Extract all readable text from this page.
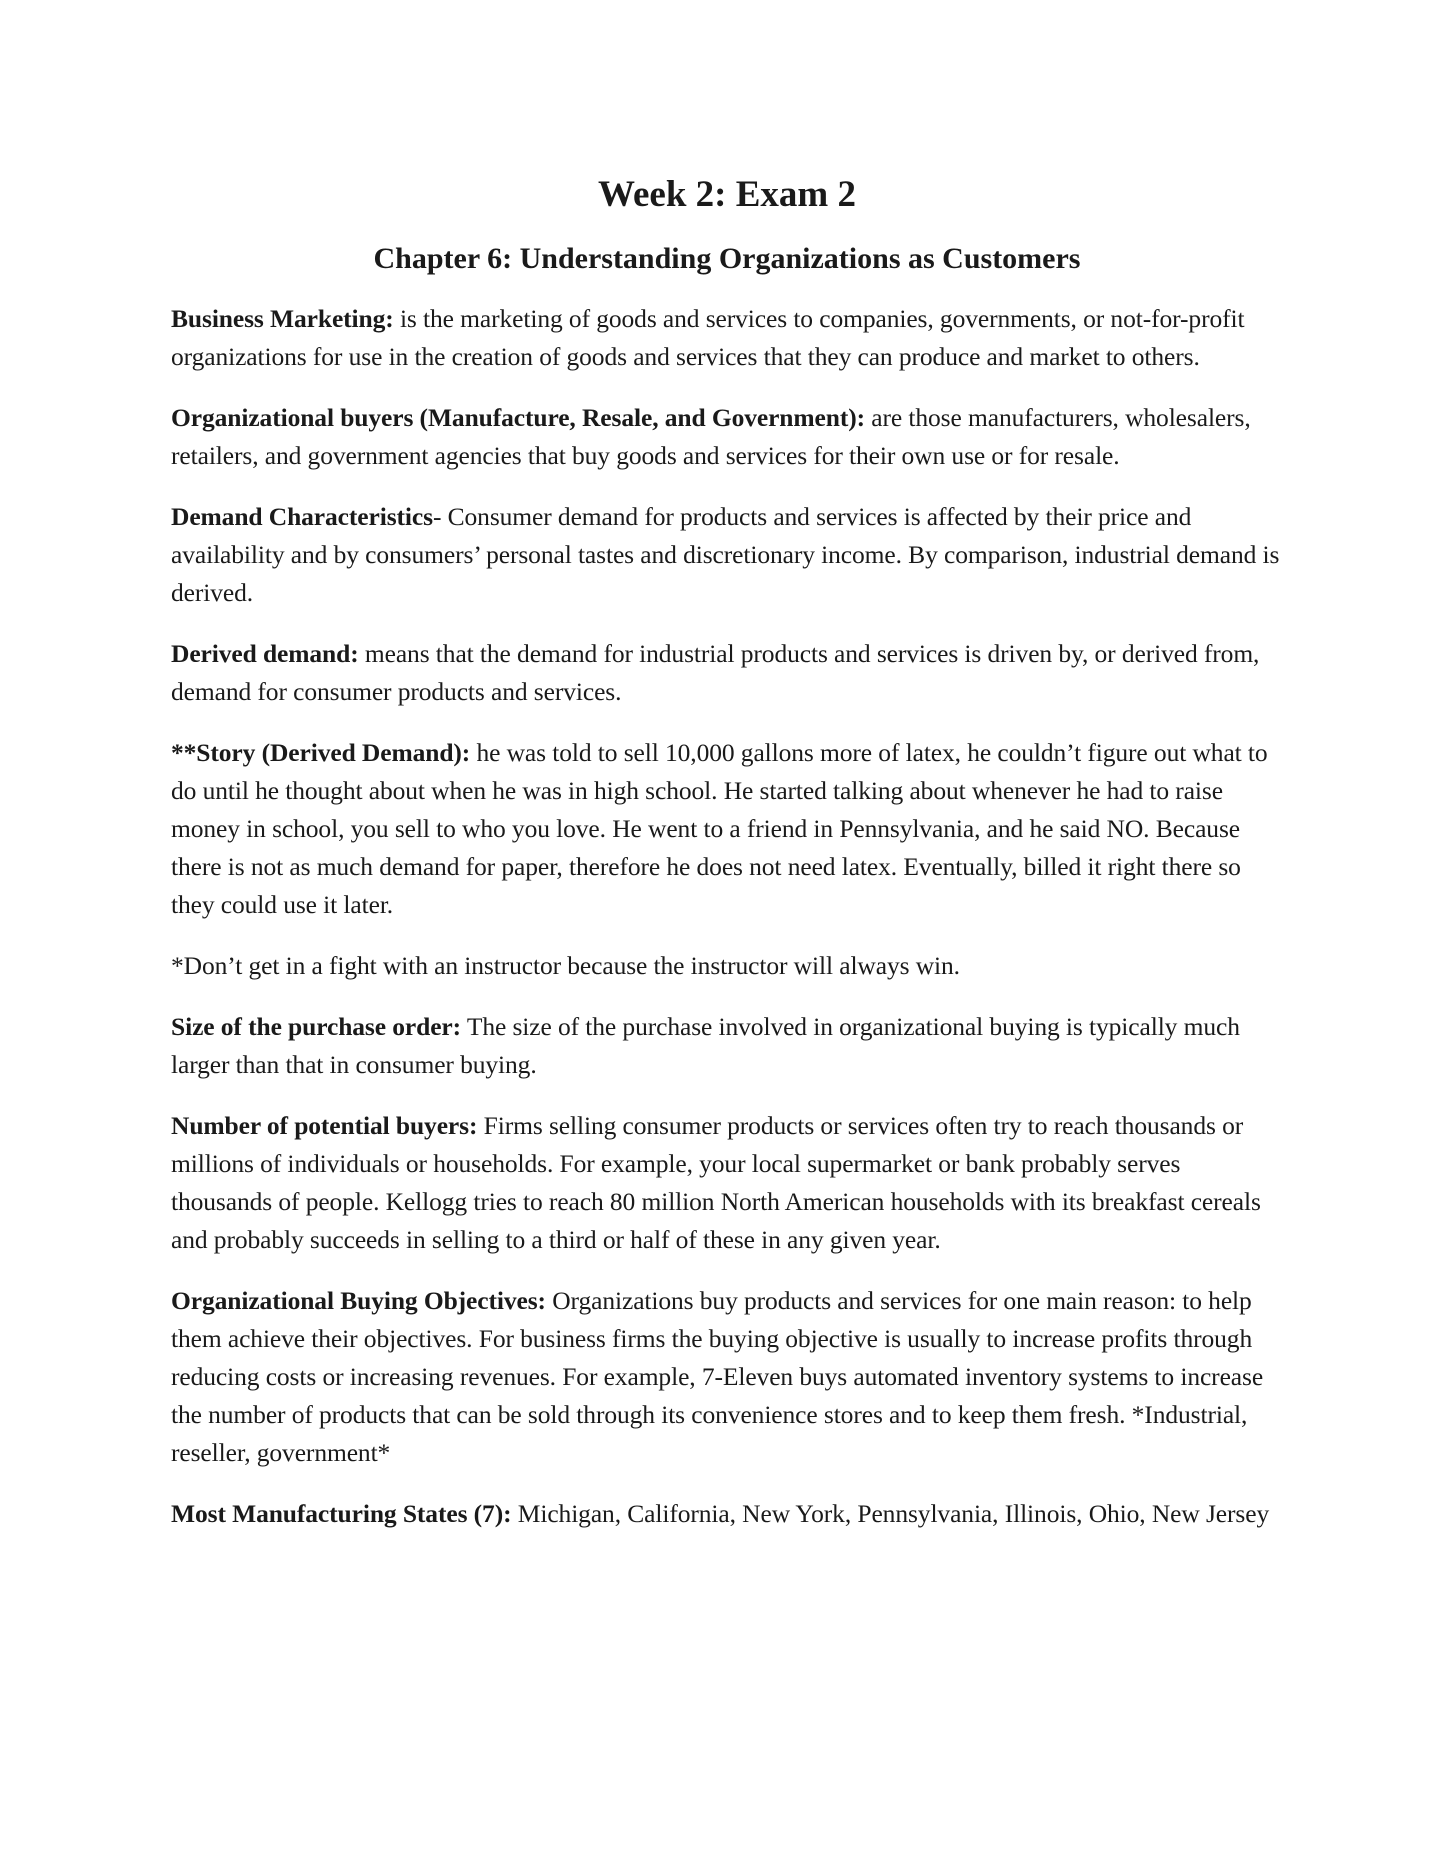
Week 2: Exam 2
Chapter 6: Understanding Organizations as Customers

Business Marketing: is the marketing of goods and services to companies, governments, or not-for-profit organizations for use in the creation of goods and services that they can produce and market to others.

Organizational buyers (Manufacture, Resale, and Government): are those manufacturers, wholesalers, retailers, and government agencies that buy goods and services for their own use or for resale.

Demand Characteristics- Consumer demand for products and services is affected by their price and availability and by consumers’ personal tastes and discretionary income. By comparison, industrial demand is derived.

Derived demand: means that the demand for industrial products and services is driven by, or derived from, demand for consumer products and services.

**Story (Derived Demand): he was told to sell 10,000 gallons more of latex, he couldn’t figure out what to do until he thought about when he was in high school. He started talking about whenever he had to raise money in school, you sell to who you love. He went to a friend in Pennsylvania, and he said NO. Because there is not as much demand for paper, therefore he does not need latex. Eventually, billed it right there so they could use it later.

*Don’t get in a fight with an instructor because the instructor will always win.

Size of the purchase order: The size of the purchase involved in organizational buying is typically much larger than that in consumer buying.

Number of potential buyers: Firms selling consumer products or services often try to reach thousands or millions of individuals or households. For example, your local supermarket or bank probably serves thousands of people. Kellogg tries to reach 80 million North American households with its breakfast cereals and probably succeeds in selling to a third or half of these in any given year.

Organizational Buying Objectives: Organizations buy products and services for one main reason: to help them achieve their objectives. For business firms the buying objective is usually to increase profits through reducing costs or increasing revenues. For example, 7-Eleven buys automated inventory systems to increase the number of products that can be sold through its convenience stores and to keep them fresh. *Industrial, reseller, government*

Most Manufacturing States (7): Michigan, California, New York, Pennsylvania, Illinois, Ohio, New Jersey
